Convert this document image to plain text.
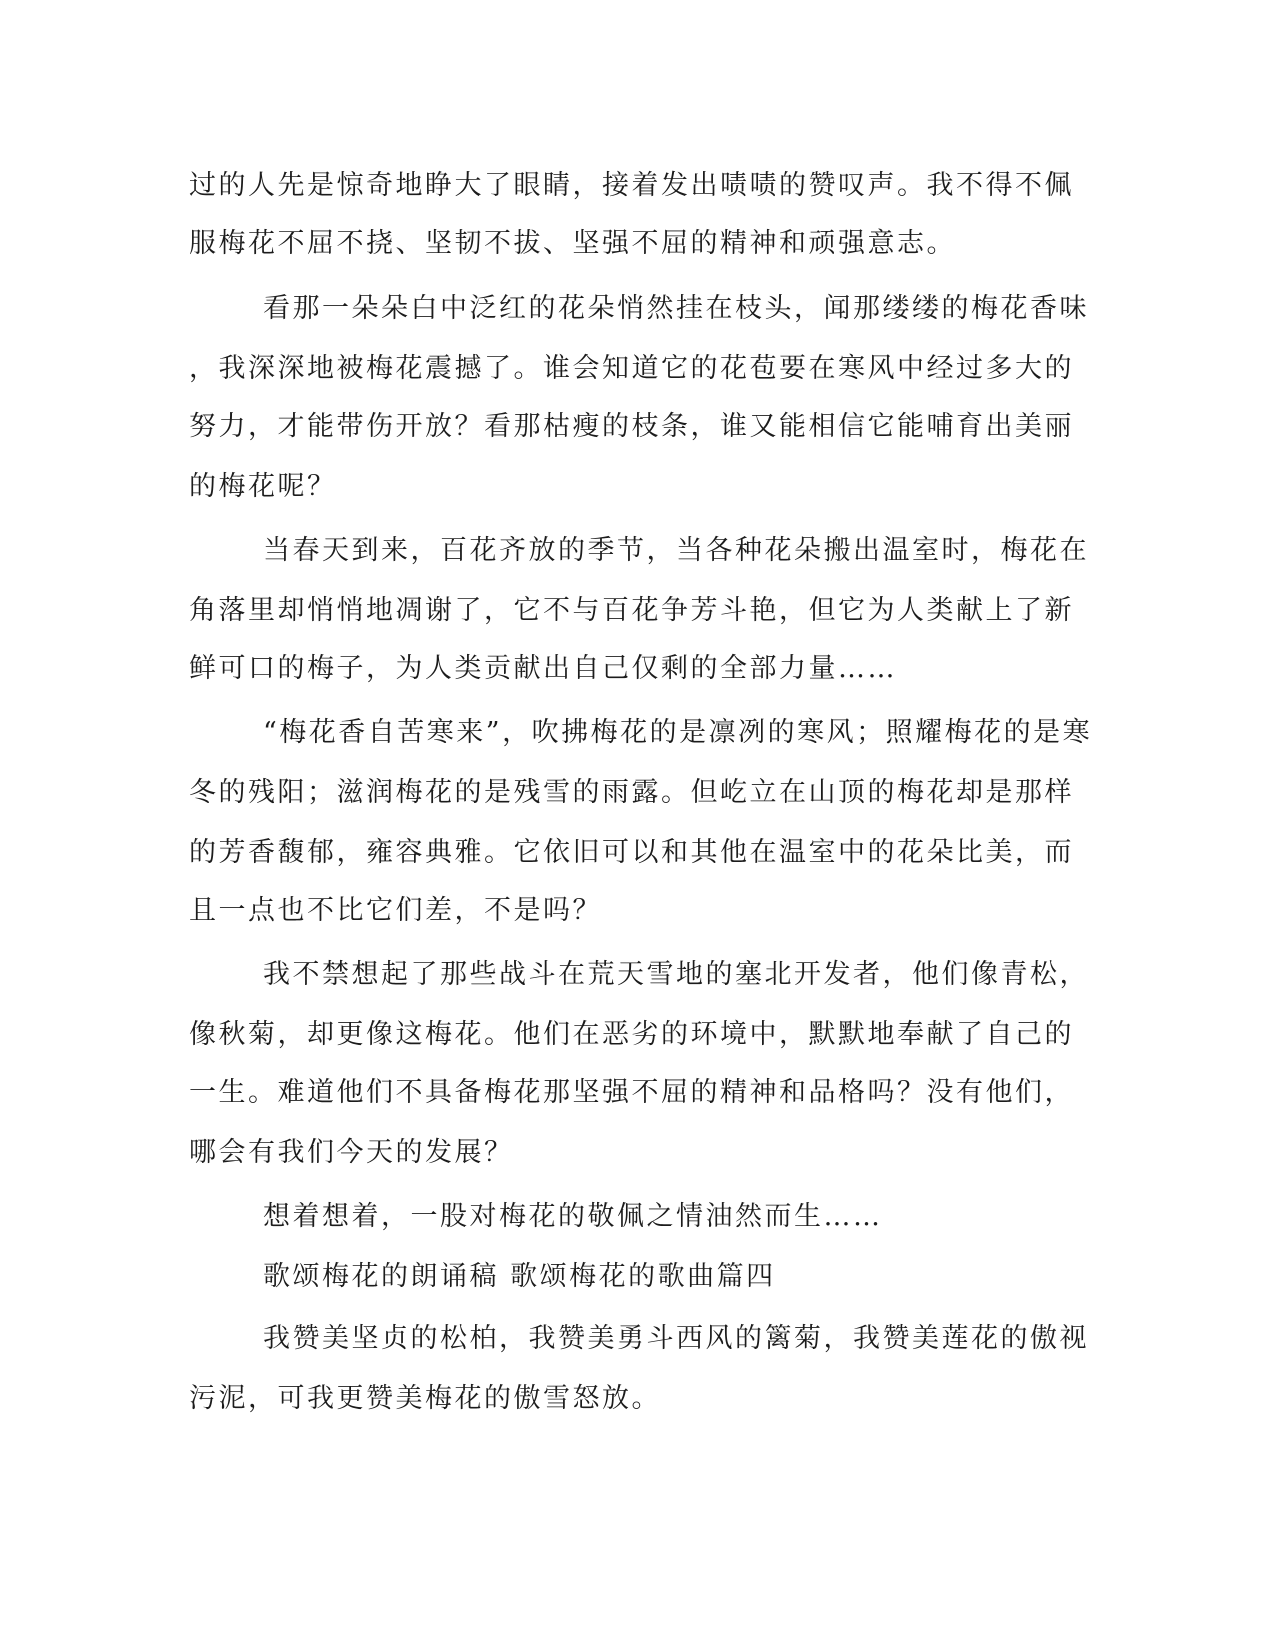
过的人先是惊奇地睁大了眼睛，接着发出啧啧的赞叹声。我不得不佩
服梅花不屈不挠、坚韧不拔、坚强不屈的精神和顽强意志。
看那一朵朵白中泛红的花朵悄然挂在枝头，闻那缕缕的梅花香味
，我深深地被梅花震撼了。谁会知道它的花苞要在寒风中经过多大的
努力，才能带伤开放？看那枯瘦的枝条，谁又能相信它能哺育出美丽
的梅花呢？
当春天到来，百花齐放的季节，当各种花朵搬出温室时，梅花在
角落里却悄悄地凋谢了，它不与百花争芳斗艳，但它为人类献上了新
鲜可口的梅子，为人类贡献出自己仅剩的全部力量……
“梅花香自苦寒来”，吹拂梅花的是凛冽的寒风；照耀梅花的是寒
冬的残阳；滋润梅花的是残雪的雨露。但屹立在山顶的梅花却是那样
的芳香馥郁，雍容典雅。它依旧可以和其他在温室中的花朵比美，而
且一点也不比它们差，不是吗？
我不禁想起了那些战斗在荒天雪地的塞北开发者，他们像青松，
像秋菊，却更像这梅花。他们在恶劣的环境中，默默地奉献了自己的
一生。难道他们不具备梅花那坚强不屈的精神和品格吗？没有他们，
哪会有我们今天的发展？
想着想着，一股对梅花的敬佩之情油然而生……
歌颂梅花的朗诵稿 歌颂梅花的歌曲篇四
我赞美坚贞的松柏，我赞美勇斗西风的篱菊，我赞美莲花的傲视
污泥，可我更赞美梅花的傲雪怒放。
